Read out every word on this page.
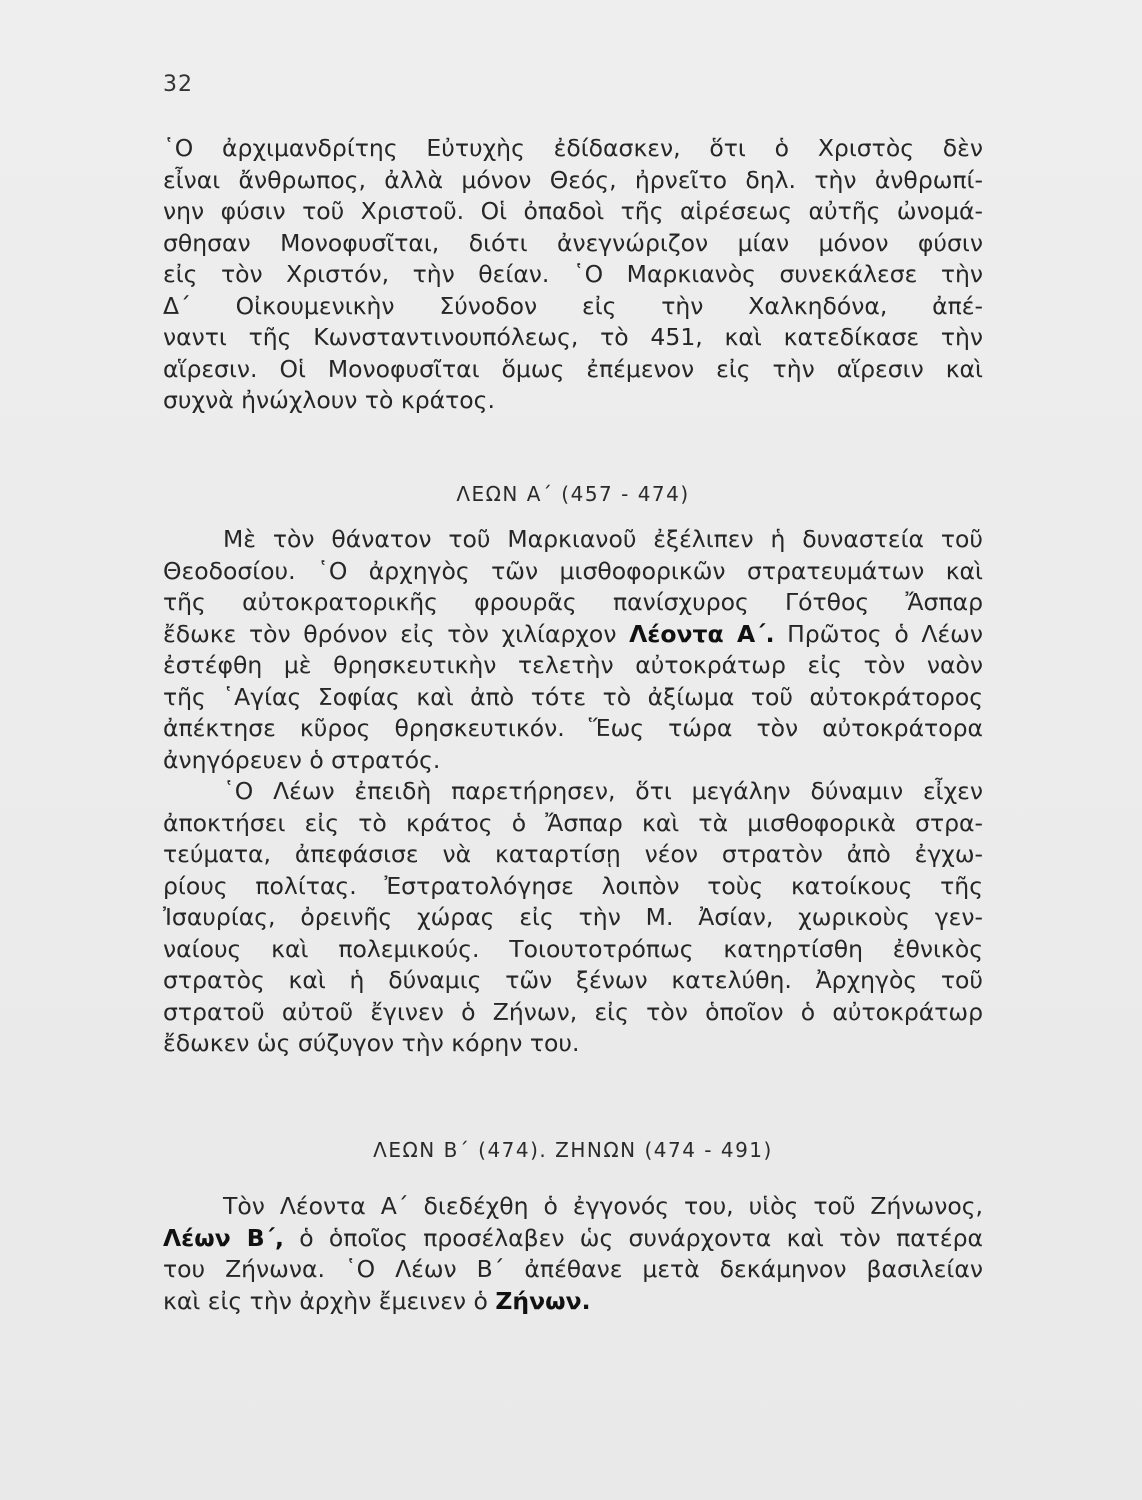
32
῾Ο ἀρχιμανδρίτης Εὐτυχὴς ἐδίδασκεν, ὅτι ὁ Χριστὸς δὲν
εἶναι ἄνθρωπος, ἀλλὰ μόνον Θεός, ἠρνεῖτο δηλ. τὴν ἀνθρωπί-
νην φύσιν τοῦ Χριστοῦ. Οἱ ὀπαδοὶ τῆς αἱρέσεως αὐτῆς ὠνομά-
σθησαν Μονοφυσῖται, διότι ἀνεγνώριζον μίαν μόνον φύσιν
εἰς τὸν Χριστόν, τὴν θείαν. ῾Ο Μαρκιανὸς συνεκάλεσε τὴν
Δ΄ Οἰκουμενικὴν Σύνοδον εἰς τὴν Χαλκηδόνα, ἀπέ-
ναντι τῆς Κωνσταντινουπόλεως, τὸ 451, καὶ κατεδίκασε τὴν
αἵρεσιν. Οἱ Μονοφυσῖται ὅμως ἐπέμενον εἰς τὴν αἵρεσιν καὶ
συχνὰ ἠνώχλουν τὸ κράτος.
ΛΕΩΝ Α΄ (457 - 474)
Μὲ τὸν θάνατον τοῦ Μαρκιανοῦ ἐξέλιπεν ἡ δυναστεία τοῦ
Θεοδοσίου. ῾Ο ἀρχηγὸς τῶν μισθοφορικῶν στρατευμάτων καὶ
τῆς αὐτοκρατορικῆς φρουρᾶς πανίσχυρος Γότθος Ἄσπαρ
ἔδωκε τὸν θρόνον εἰς τὸν χιλίαρχον Λέοντα Α΄. Πρῶτος ὁ Λέων
ἐστέφθη μὲ θρησκευτικὴν τελετὴν αὐτοκράτωρ εἰς τὸν ναὸν
τῆς ῾Αγίας Σοφίας καὶ ἀπὸ τότε τὸ ἀξίωμα τοῦ αὐτοκράτορος
ἀπέκτησε κῦρος θρησκευτικόν. Ἕως τώρα τὸν αὐτοκράτορα
ἀνηγόρευεν ὁ στρατός.
῾Ο Λέων ἐπειδὴ παρετήρησεν, ὅτι μεγάλην δύναμιν εἶχεν
ἀποκτήσει εἰς τὸ κράτος ὁ Ἄσπαρ καὶ τὰ μισθοφορικὰ στρα-
τεύματα, ἀπεφάσισε νὰ καταρτίσῃ νέον στρατὸν ἀπὸ ἐγχω-
ρίους πολίτας. Ἐστρατολόγησε λοιπὸν τοὺς κατοίκους τῆς
Ἰσαυρίας, ὀρεινῆς χώρας εἰς τὴν Μ. Ἀσίαν, χωρικοὺς γεν-
ναίους καὶ πολεμικούς. Τοιουτοτρόπως κατηρτίσθη ἐθνικὸς
στρατὸς καὶ ἡ δύναμις τῶν ξένων κατελύθη. Ἀρχηγὸς τοῦ
στρατοῦ αὐτοῦ ἔγινεν ὁ Ζήνων, εἰς τὸν ὁποῖον ὁ αὐτοκράτωρ
ἔδωκεν ὡς σύζυγον τὴν κόρην του.
ΛΕΩΝ Β΄ (474). ΖΗΝΩΝ (474 - 491)
Τὸν Λέοντα Α΄ διεδέχθη ὁ ἐγγονός του, υἱὸς τοῦ Ζήνωνος,
Λέων Β΄, ὁ ὁποῖος προσέλαβεν ὡς συνάρχοντα καὶ τὸν πατέρα
του Ζήνωνα. ῾Ο Λέων Β΄ ἀπέθανε μετὰ δεκάμηνον βασιλείαν
καὶ εἰς τὴν ἀρχὴν ἔμεινεν ὁ Ζήνων.
